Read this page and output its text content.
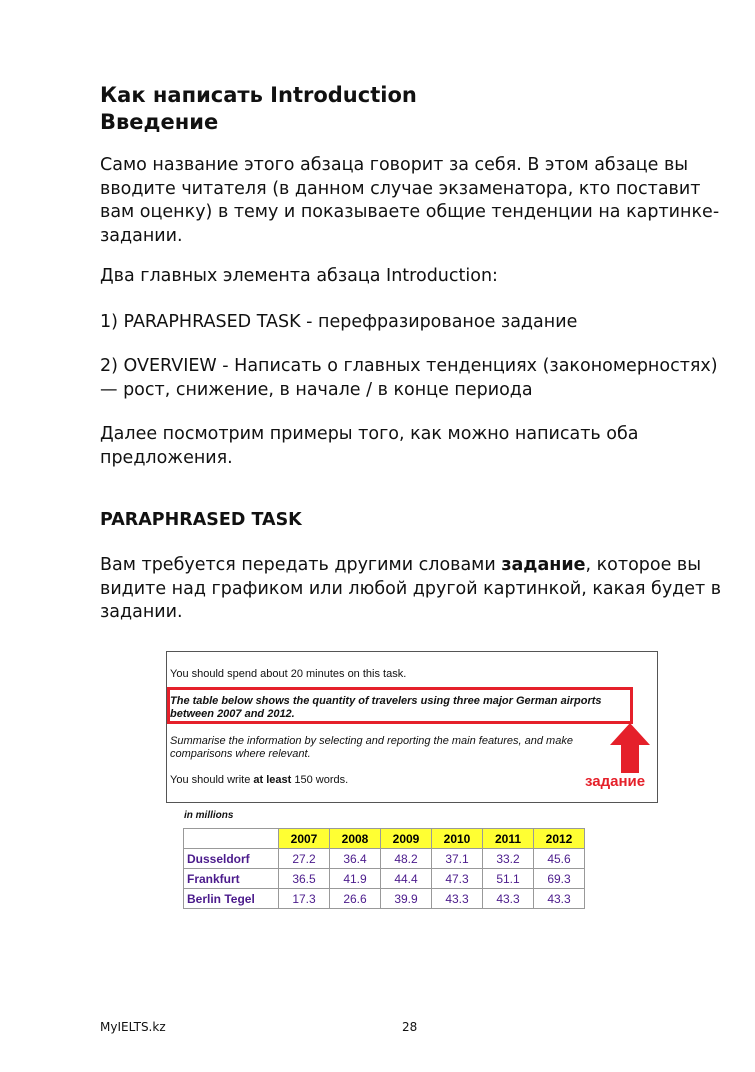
Как написать Introduction
Введение
Само название этого абзаца говорит за себя. В этом абзаце вы вводите читателя (в данном случае экзаменатора, кто поставит вам оценку) в тему и показываете общие тенденции на картинке-задании.
Два главных элемента абзаца Introduction:
1) PARAPHRASED TASK - перефразированое задание
2) OVERVIEW - Написать о главных тенденциях (закономерностях) — рост, снижение, в начале / в конце периода
Далее посмотрим примеры того, как можно написать оба предложения.
PARAPHRASED TASK
Вам требуется передать другими словами задание, которое вы видите над графиком или любой другой картинкой, какая будет в задании.
You should spend about 20 minutes on this task.
The table below shows the quantity of travelers using three major German airports
between 2007 and 2012.
Summarise the information by selecting and reporting the main features, and make
comparisons where relevant.
You should write at least 150 words.	задание
in millions
	2007	2008	2009	2010	2011	2012
Dusseldorf	27.2	36.4	48.2	37.1	33.2	45.6
Frankfurt	36.5	41.9	44.4	47.3	51.1	69.3
Berlin Tegel	17.3	26.6	39.9	43.3	43.3	43.3
MyIELTS.kz	28
